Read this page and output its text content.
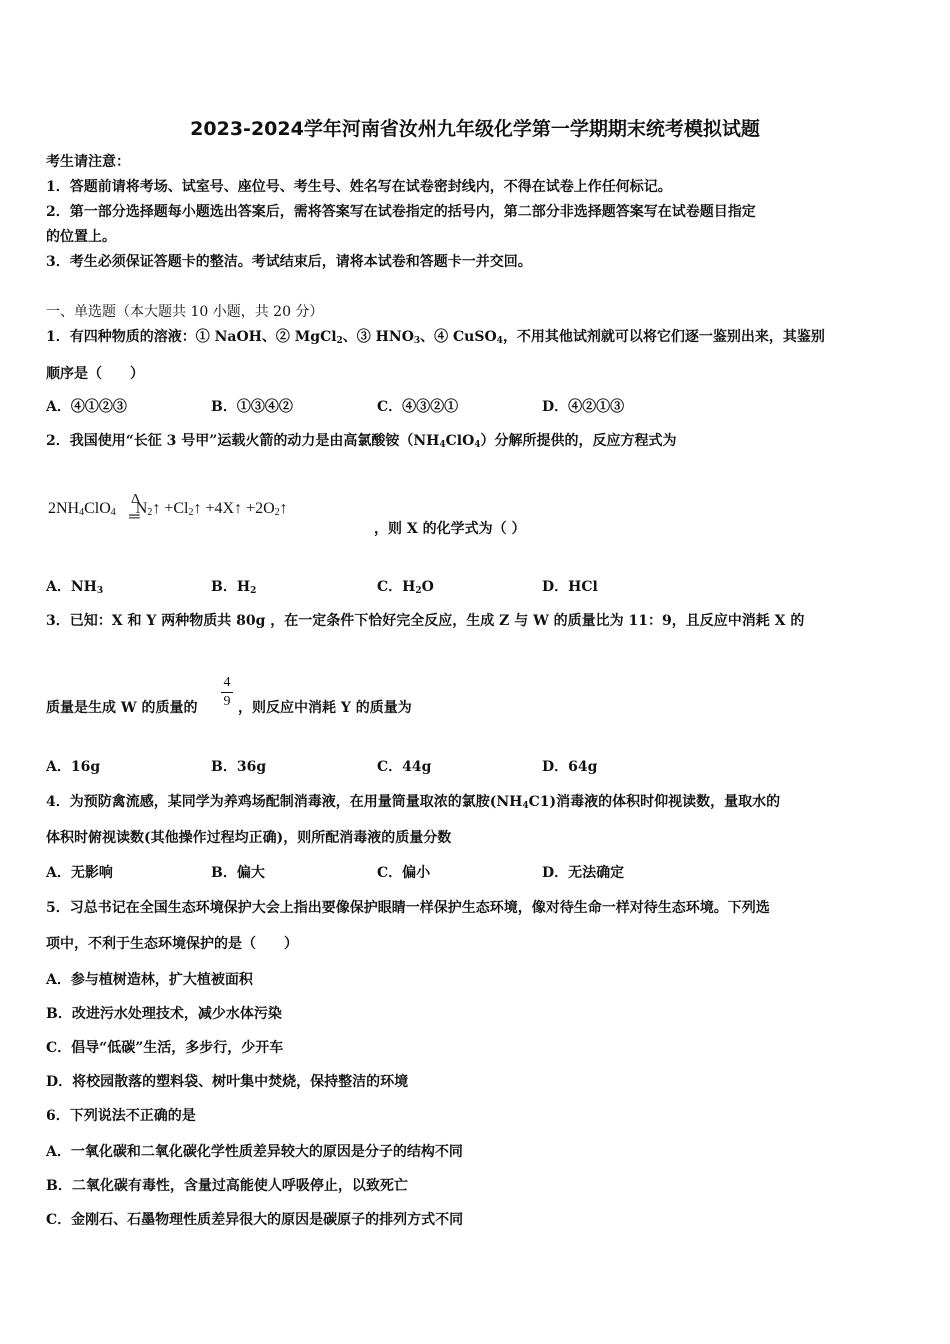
2023-2024学年河南省汝州九年级化学第一学期期末统考模拟试题
考生请注意：
1．答题前请将考场、试室号、座位号、考生号、姓名写在试卷密封线内，不得在试卷上作任何标记。
2．第一部分选择题每小题选出答案后，需将答案写在试卷指定的括号内，第二部分非选择题答案写在试卷题目指定
的位置上。
3．考生必须保证答题卡的整洁。考试结束后，请将本试卷和答题卡一并交回。
一、单选题（本大题共 10 小题，共 20 分）
1．有四种物质的溶液：① NaOH、② MgCl$_2$、③ $HNO_3$、④ CuSO$_4$，不用其他试剂就可以将它们逐一鉴别出来，其鉴别
顺序是（　　）
A．④①②③	B．①③④②	C．④③②①	D．④②①③
2．我国使用“长征 3 号甲”运载火箭的动力是由高氯酸铵$(NH_4ClO_4)$分解所提供的，反应方程式为
Δ
═
$2NH_4ClO_4$ $N_2↑$ $+Cl_2↑$ +4X↑ $+2O_2↑$
，则 X 的化学式为（ ）
A．$NH_3$	B．$H_2$	C．$H_2O$	D．HCl
3．已知：X 和 Y 两种物质共 80g ，在一定条件下恰好完全反应，生成 Z 与 W 的质量比为 11：9，且反应中消耗 X 的
质量是生成 W 的质量的
4
9 ，则反应中消耗 Y 的质量为
A．16g	B．36g	C．44g	D．64g
4．为预防禽流感，某同学为养鸡场配制消毒液，在用量筒量取浓的氯胺$(NH_4C1)$消毒液的体积时仰视读数，量取水的
体积时俯视读数(其他操作过程均正确)，则所配消毒液的质量分数
A．无影响	B．偏大	C．偏小	D．无法确定
5．习总书记在全国生态环境保护大会上指出要像保护眼睛一样保护生态环境，像对待生命一样对待生态环境。下列选
项中，不利于生态环境保护的是（　　）
A．参与植树造林，扩大植被面积
B．改进污水处理技术，减少水体污染
C．倡导“低碳”生活，多步行，少开车
D．将校园散落的塑料袋、树叶集中焚烧，保持整洁的环境
6．下列说法不正确的是
A．一氧化碳和二氧化碳化学性质差异较大的原因是分子的结构不同
B．二氧化碳有毒性，含量过高能使人呼吸停止，以致死亡
C．金刚石、石墨物理性质差异很大的原因是碳原子的排列方式不同
